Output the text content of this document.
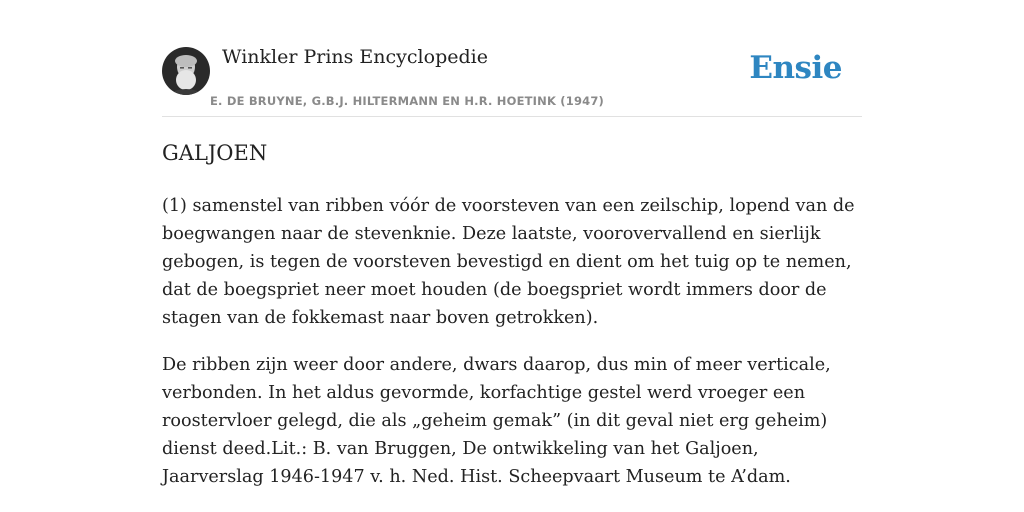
Winkler Prins Encyclopedie
E. DE BRUYNE, G.B.J. HILTERMANN EN H.R. HOETINK (1947)
Ensie
GALJOEN

(1) samenstel van ribben vóór de voorsteven van een zeilschip, lopend van de boegwangen naar de stevenknie. Deze laatste, voorovervallend en sierlijk gebogen, is tegen de voorsteven bevestigd en dient om het tuig op te nemen, dat de boegspriet neer moet houden (de boegspriet wordt immers door de stagen van de fokkemast naar boven getrokken).

De ribben zijn weer door andere, dwars daarop, dus min of meer verticale, verbonden. In het aldus gevormde, korfachtige gestel werd vroeger een roostervloer gelegd, die als „geheim gemak” (in dit geval niet erg geheim) dienst deed.Lit.: B. van Bruggen, De ontwikkeling van het Galjoen, Jaarverslag 1946-1947 v. h. Ned. Hist. Scheepvaart Museum te A’dam.
